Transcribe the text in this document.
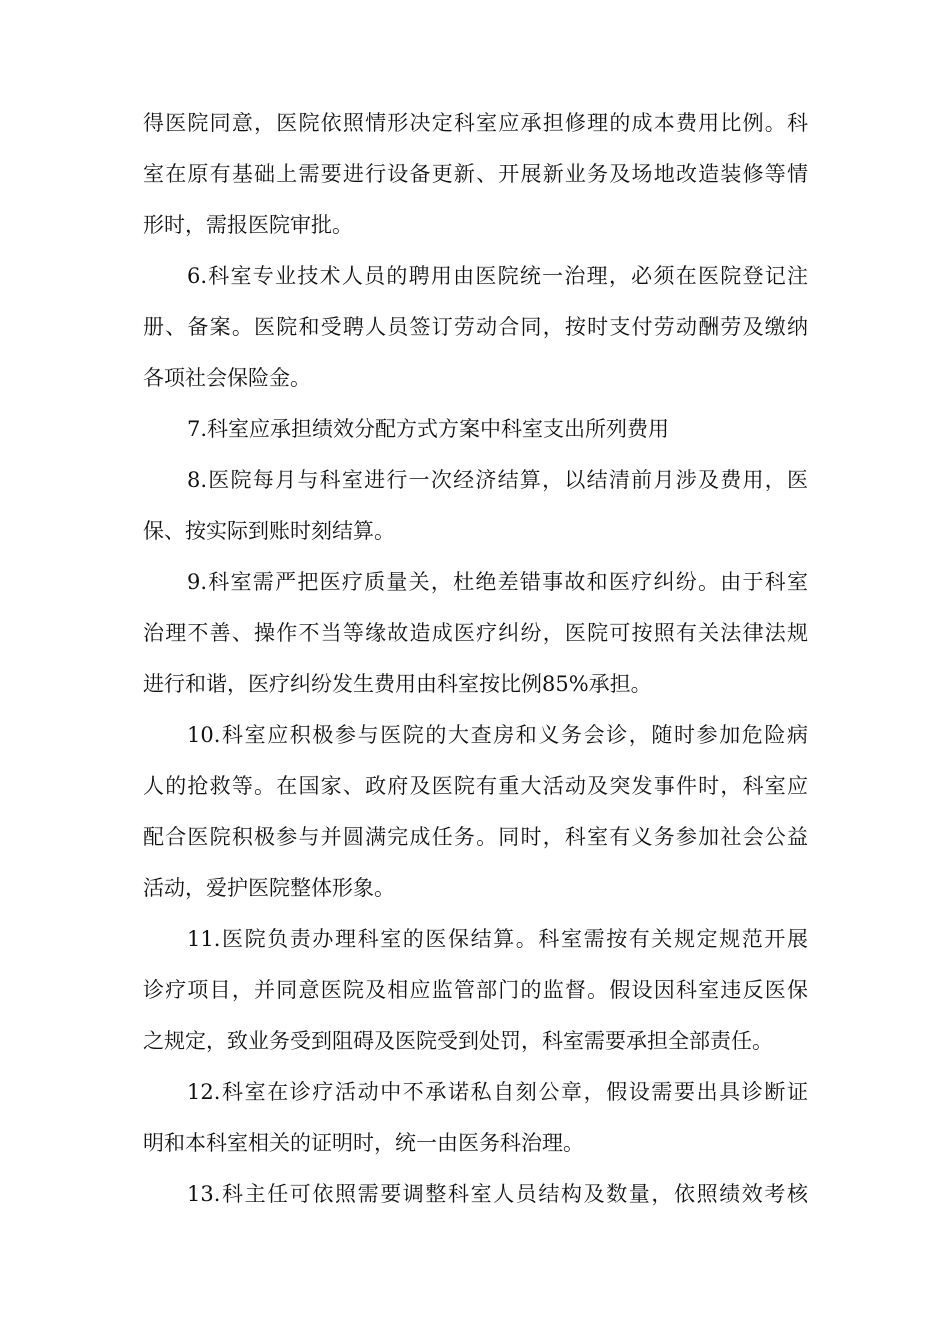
得医院同意，医院依照情形决定科室应承担修理的成本费用比例。科
室在原有基础上需要进行设备更新、开展新业务及场地改造装修等情
形时，需报医院审批。
6.科室专业技术人员的聘用由医院统一治理，必须在医院登记注
册、备案。医院和受聘人员签订劳动合同，按时支付劳动酬劳及缴纳
各项社会保险金。
7.科室应承担绩效分配方式方案中科室支出所列费用
8.医院每月与科室进行一次经济结算，以结清前月涉及费用，医
保、按实际到账时刻结算。
9.科室需严把医疗质量关，杜绝差错事故和医疗纠纷。由于科室
治理不善、操作不当等缘故造成医疗纠纷，医院可按照有关法律法规
进行和谐，医疗纠纷发生费用由科室按比例85%承担。
10.科室应积极参与医院的大查房和义务会诊，随时参加危险病
人的抢救等。在国家、政府及医院有重大活动及突发事件时，科室应
配合医院积极参与并圆满完成任务。同时，科室有义务参加社会公益
活动，爱护医院整体形象。
11.医院负责办理科室的医保结算。科室需按有关规定规范开展
诊疗项目，并同意医院及相应监管部门的监督。假设因科室违反医保
之规定，致业务受到阻碍及医院受到处罚，科室需要承担全部责任。
12.科室在诊疗活动中不承诺私自刻公章，假设需要出具诊断证
明和本科室相关的证明时，统一由医务科治理。
13.科主任可依照需要调整科室人员结构及数量，依照绩效考核
